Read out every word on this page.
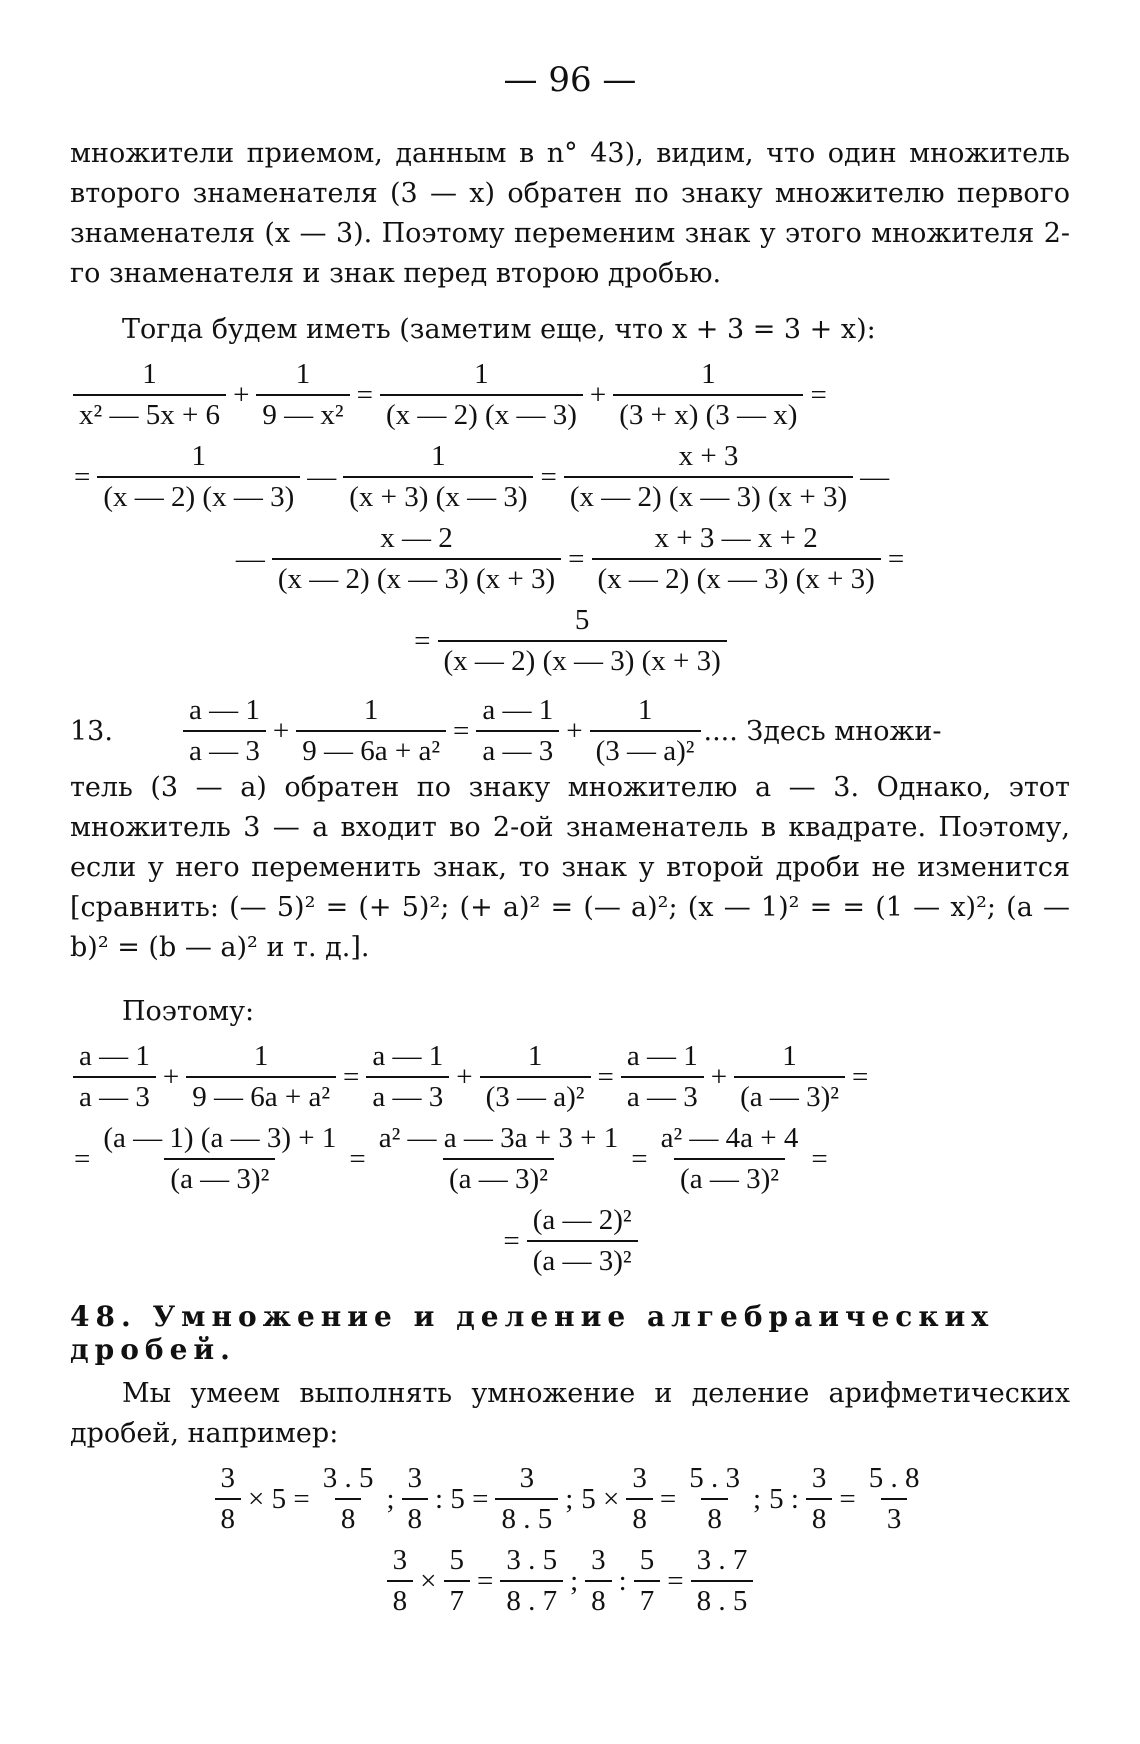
— 96 —

множители приемом, данным в n° 43), видим, что один множитель второго знаменателя (3 — x) обратен по знаку множителю первого знаменателя (x — 3). Поэтому переменим знак у этого множителя 2-го знаменателя и знак перед второю дробью.

Тогда будем иметь (заметим еще, что x + 3 = 3 + x):

$\frac{1}{\text{x² — 5x + 6}} + \frac{1}{\text{9 — x²}} = \frac{1}{(x — 2) (x — 3)} + \frac{1}{(3 + x) (3 — x)}$ =
= $\frac{1}{(x — 2) (x — 3)}$ — $\frac{1}{(x + 3) (x — 3)} = \frac{x + 3}{(x — 2) (x — 3) (x + 3)}$ —
— $\frac{x — 2}{(x — 2) (x — 3) (x + 3)} = \frac{x + 3 — x + 2}{(x — 2) (x — 3) (x + 3)}$ =
= $\frac{5}{(x — 2) (x — 3) (x + 3)}$
13.	$\frac{a — 1}{a — 3} + \frac{1}{\text{9 — 6a + a²}} = \frac{a — 1}{a — 3} + \frac{1}{\text{(3 — a)²}}$ .... Здесь множи-

тель (3 — a) обратен по знаку множителю a — 3. Однако, этот множитель 3 — a входит во 2-ой знаменатель в квадрате. Поэтому, если у него переменить знак, то знак у второй дроби не изменится [сравнить: (— 5)² = (+ 5)²; (+ a)² = (— a)²; (x — 1)² = = (1 — x)²; (a — b)² = (b — a)² и т. д.].

Поэтому:

$\frac{a — 1}{a — 3} + \frac{1}{\text{9 — 6a + a²}} = \frac{a — 1}{a — 3} + \frac{1}{\text{(3 — a)²}} = \frac{a — 1}{a — 3} + \frac{1}{\text{(a — 3)²}}$ =
= $\frac{(a — 1) (a — 3) + 1}{\text{(a — 3)²}} = \frac{\text{a² — a — 3a + 3 + 1}}{\text{(a — 3)²}} = \frac{\text{a² — 4a + 4}}{\text{(a — 3)²}}$ =
= $\frac{\text{(a — 2)²}}{\text{(a — 3)²}}$
48. Умножение и деление алгебраических дробей.

Мы умеем выполнять умножение и деление арифметических дробей, например:

$\frac{3}{8} \times 5 = \frac{3 . 5}{8}$ ; $\frac{3}{8}$ : $5 = \frac{3}{8 . 5}$ ; $5 \times \frac{3}{8} = \frac{5 . 3}{8}$ ; 5 : $\frac{3}{8} = \frac{5 . 8}{3}$
$\frac{3}{8} \times \frac{5}{7} = \frac{3 . 5}{8 . 7}$ ; $\frac{3}{8}$ : $\frac{5}{7} = \frac{3 . 7}{8 . 5}$
